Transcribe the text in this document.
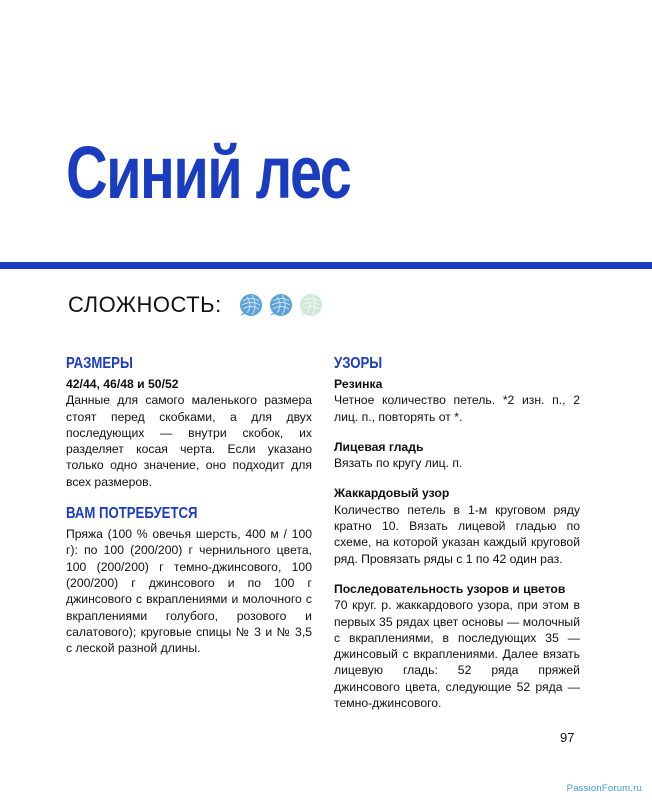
Синий лес
СЛОЖНОСТЬ:
РАЗМЕРЫ
42/44, 46/48 и 50/52

Данные для самого маленького размера стоят перед скобками, а для двух последующих — внутри скобок, их разделяет косая черта. Если указано только одно значение, оно подходит для всех размеров.

ВАМ ПОТРЕБУЕТСЯ

Пряжа (100 % овечья шерсть, 400 м / 100 г): по 100 (200/200) г чернильного цвета, 100 (200/200) г темно-джинсового, 100 (200/200) г джинсового и по 100 г джинсового с вкраплениями и молочного с вкраплениями голубого, розового и салатового); круговые спицы № 3 и № 3,5 с леской разной длины.

УЗОРЫ
Резинка

Четное количество петель. *2 изн. п., 2 лиц. п., повторять от *.

Лицевая гладь

Вязать по кругу лиц. п.

Жаккардовый узор

Количество петель в 1-м круговом ряду кратно 10. Вязать лицевой гладью по схеме, на которой указан каждый круговой ряд. Провязать ряды с 1 по 42 один раз.

Последовательность узоров и цветов

70 круг. р. жаккардового узора, при этом в первых 35 рядах цвет основы — молочный с вкраплениями, в последующих 35 — джинсовый с вкраплениями. Далее вязать лицевую гладь: 52 ряда пряжей джинсового цвета, следующие 52 ряда — темно-джинсового.

97
PassionForum.ru
